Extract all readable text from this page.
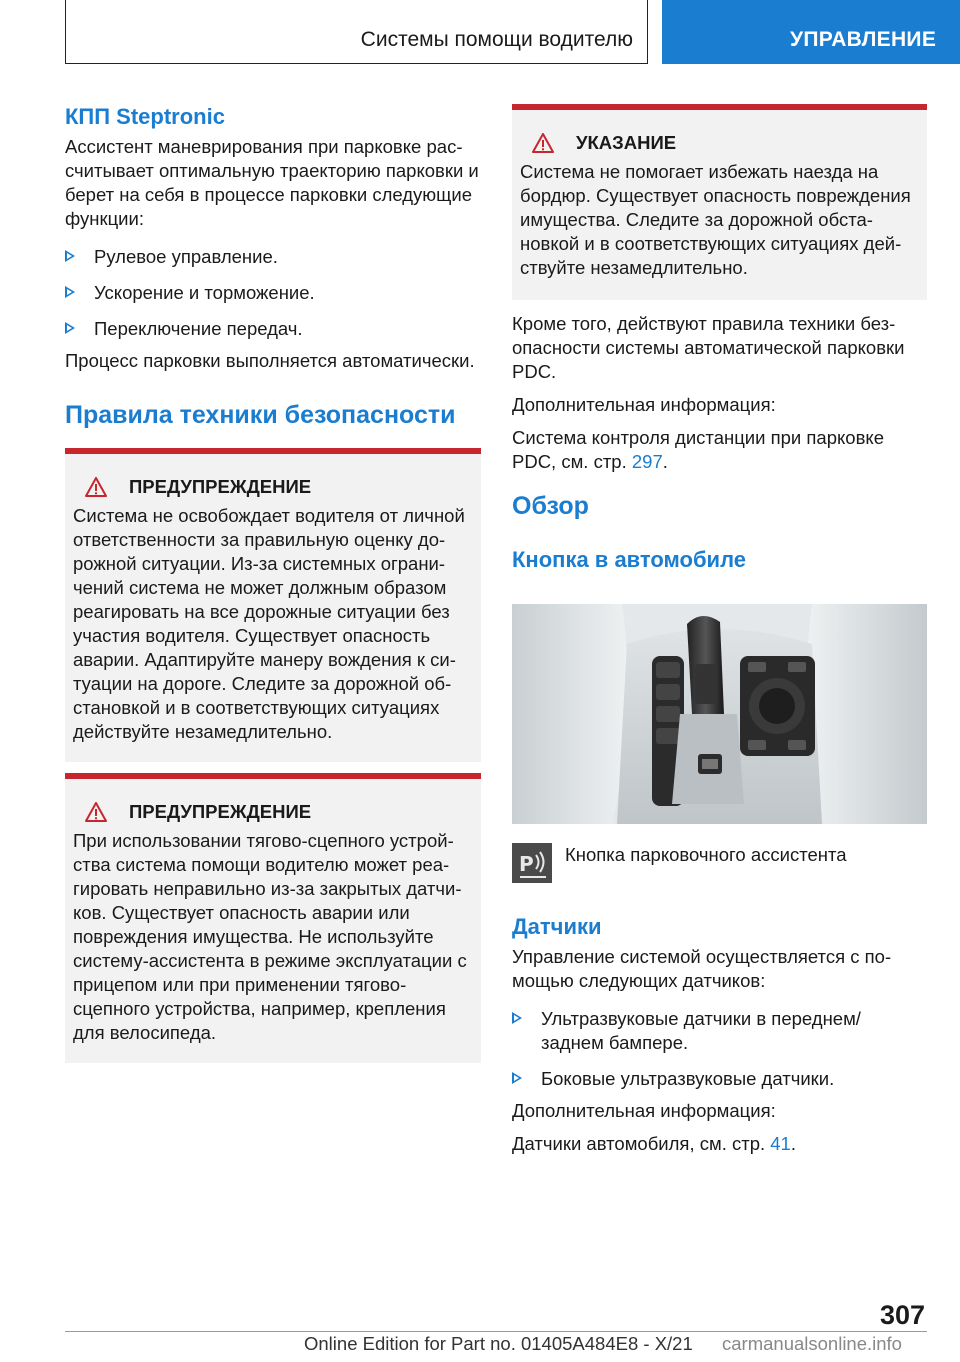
Системы помощи водителю	УПРАВЛЕНИЕ
КПП Steptronic

Ассистент маневрирования при парковке рассчитывает оптимальную траекторию парковки и берет на себя в процессе парковки следующие функции:

Рулевое управление.
Ускорение и торможение.
Переключение передач.

Процесс парковки выполняется автоматически.

Правила техники безопасности
ПРЕДУПРЕЖДЕНИЕ

Система не освобождает водителя от личной ответственности за правильную оценку дорожной ситуации. Из-за системных ограничений система не может должным образом реагировать на все дорожные ситуации без участия водителя. Существует опасность аварии. Адаптируйте манеру вождения к ситуации на дороге. Следите за дорожной обстановкой и в соответствующих ситуациях действуйте незамедлительно.

ПРЕДУПРЕЖДЕНИЕ

При использовании тягово-сцепного устройства система помощи водителю может реагировать неправильно из-за закрытых датчиков. Существует опасность аварии или повреждения имущества. Не используйте систему-ассистента в режиме эксплуатации с прицепом или при применении тягово-сцепного устройства, например, крепления для велосипеда.

УКАЗАНИЕ

Система не помогает избежать наезда на бордюр. Существует опасность повреждения имущества. Следите за дорожной обстановкой и в соответствующих ситуациях действуйте незамедлительно.

Кроме того, действуют правила техники безопасности системы автоматической парковки PDC.

Дополнительная информация:

Система контроля дистанции при парковке PDC, см. стр. 297.

Обзор
Кнопка в автомобиле
P Кнопка парковочного ассистента
Датчики

Управление системой осуществляется с помощью следующих датчиков:

Ультразвуковые датчики в переднем/ заднем бампере.
Боковые ультразвуковые датчики.

Дополнительная информация:

Датчики автомобиля, см. стр. 41.

307
Online Edition for Part no. 01405A484E8 - X/21 carmanualsonline.info
